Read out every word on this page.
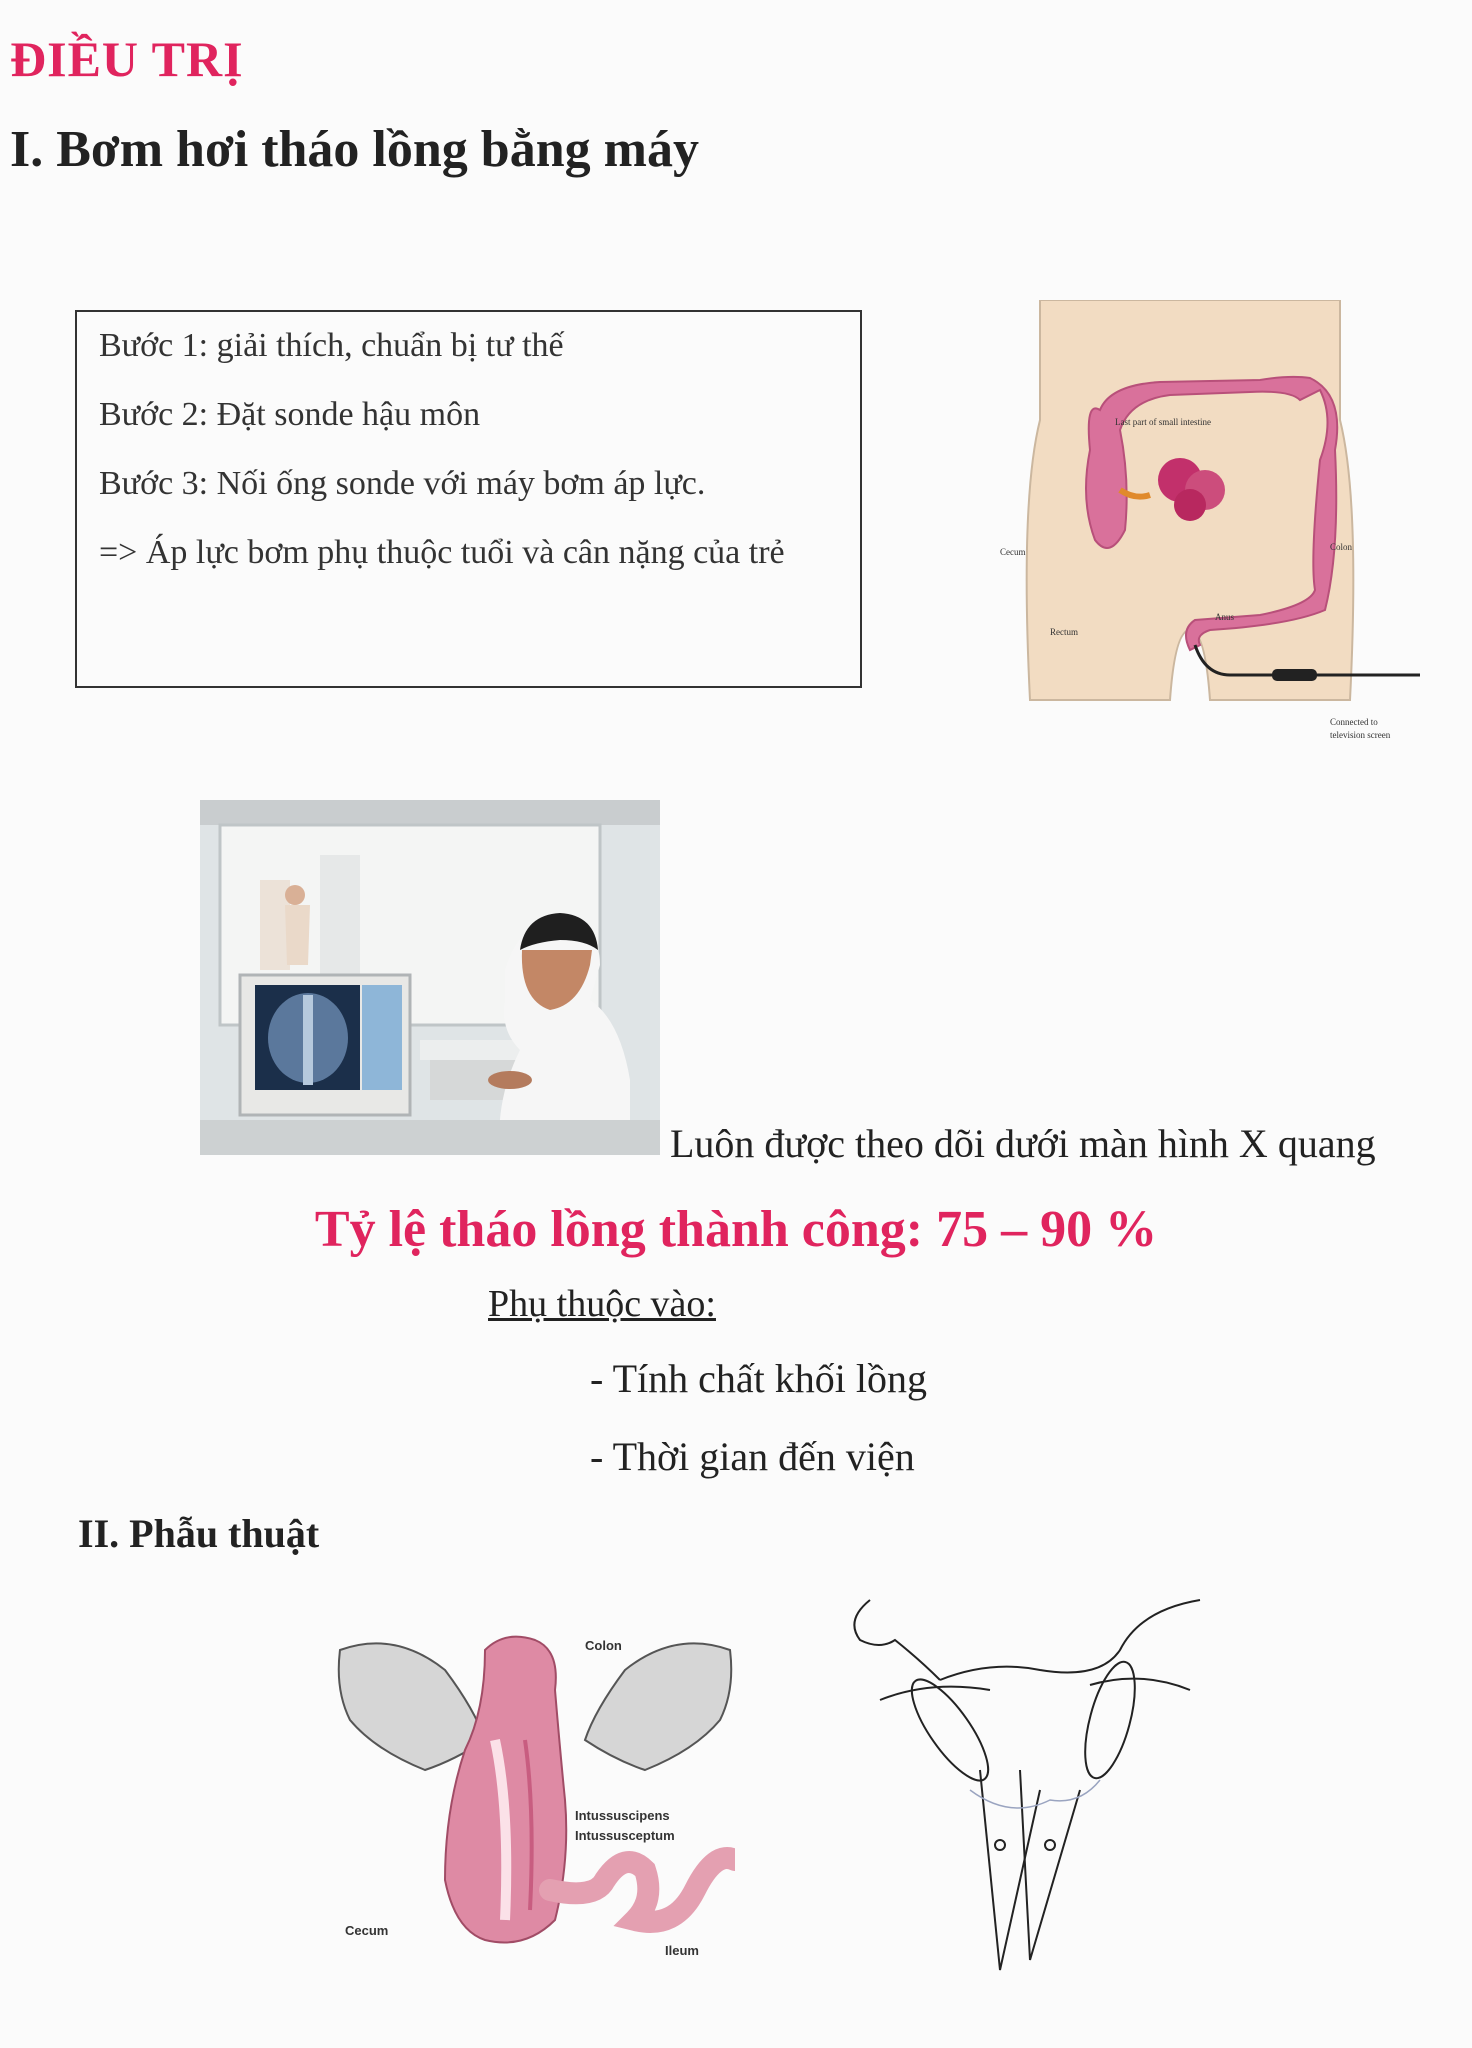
ĐIỀU TRỊ
I. Bơm hơi tháo lồng bằng máy
Bước 1: giải thích, chuẩn bị tư thế
Bước 2: Đặt sonde hậu môn
Bước 3: Nối ống sonde với máy bơm áp lực.
=> Áp lực bơm phụ thuộc tuổi và cân nặng của trẻ
Last part of small intestine
Cecum	Colon
Rectum
Anus
Connected to
television screen
Luôn được theo dõi dưới màn hình X quang
Tỷ lệ tháo lồng thành công: 75 – 90 %
Phụ thuộc vào:
- Tính chất khối lồng
- Thời gian đến viện
II. Phẫu thuật
Colon
Intussuscipens
Intussusceptum
Cecum
Ileum
